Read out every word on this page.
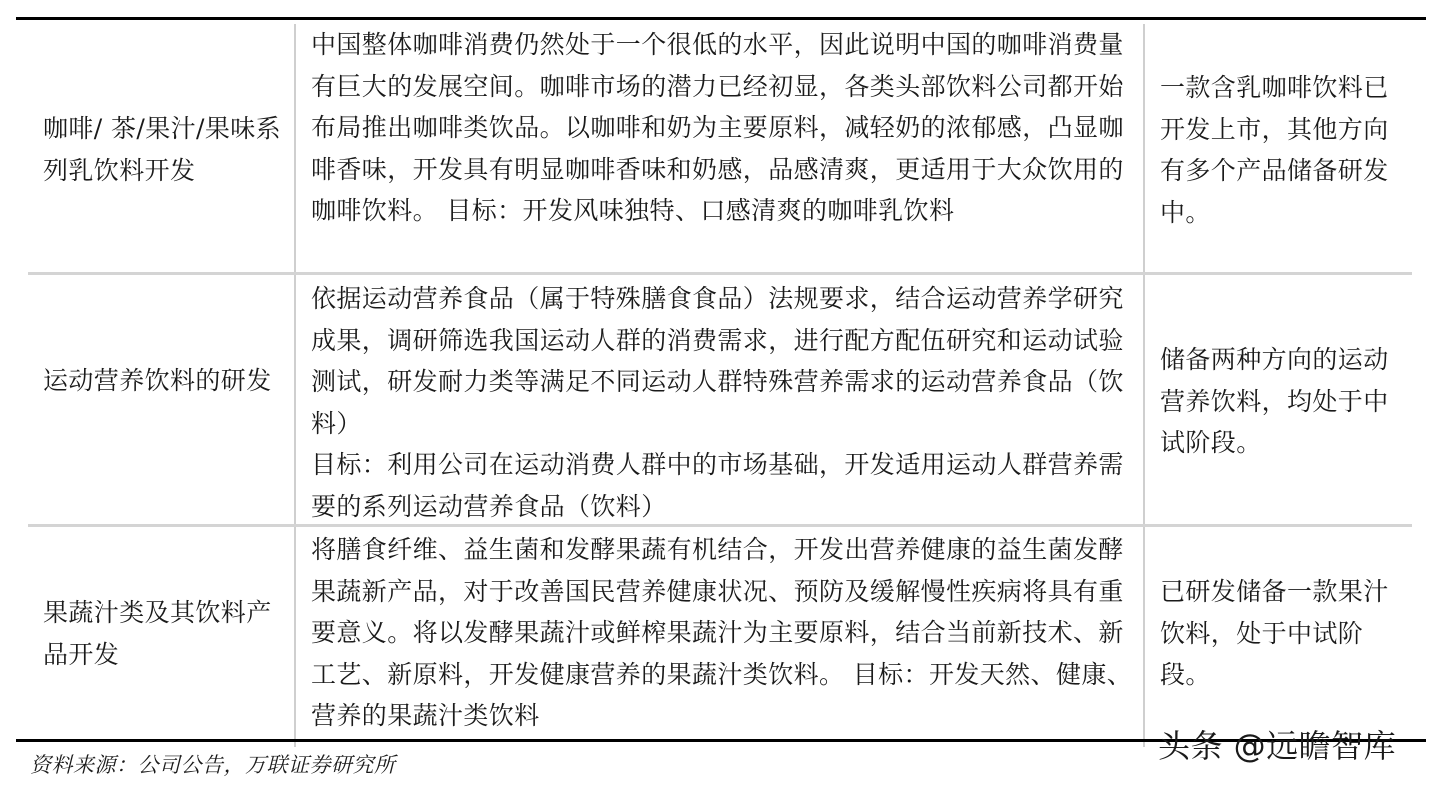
咖啡/ 茶/果汁/果味系列乳饮料开发
中国整体咖啡消费仍然处于一个很低的水平，因此说明中国的咖啡消费量有巨大的发展空间。咖啡市场的潜力已经初显，各类头部饮料公司都开始布局推出咖啡类饮品。以咖啡和奶为主要原料，减轻奶的浓郁感，凸显咖啡香味，开发具有明显咖啡香味和奶感，品感清爽，更适用于大众饮用的咖啡饮料。 目标：开发风味独特、口感清爽的咖啡乳饮料
一款含乳咖啡饮料已开发上市，其他方向有多个产品储备研发中。
运动营养饮料的研发
依据运动营养食品（属于特殊膳食食品）法规要求，结合运动营养学研究成果，调研筛选我国运动人群的消费需求，进行配方配伍研究和运动试验测试，研发耐力类等满足不同运动人群特殊营养需求的运动营养食品（饮料）
目标：利用公司在运动消费人群中的市场基础，开发适用运动人群营养需要的系列运动营养食品（饮料）
储备两种方向的运动营养饮料，均处于中试阶段。
果蔬汁类及其饮料产品开发
将膳食纤维、益生菌和发酵果蔬有机结合，开发出营养健康的益生菌发酵果蔬新产品，对于改善国民营养健康状况、预防及缓解慢性疾病将具有重要意义。将以发酵果蔬汁或鲜榨果蔬汁为主要原料，结合当前新技术、新工艺、新原料，开发健康营养的果蔬汁类饮料。 目标：开发天然、健康、营养的果蔬汁类饮料
已研发储备一款果汁饮料，处于中试阶段。
资料来源：公司公告，万联证券研究所	头条 @远瞻智库
